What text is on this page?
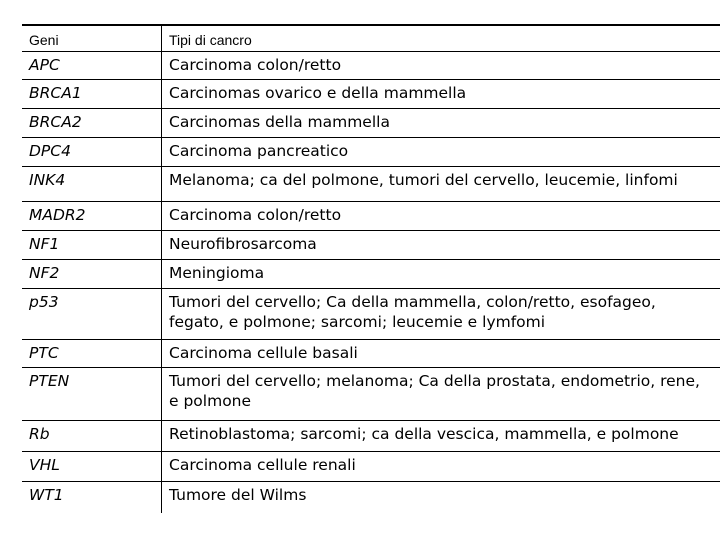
Geni	Tipi di cancro
APC	Carcinoma colon/retto
BRCA1	Carcinomas ovarico e della mammella
BRCA2	Carcinomas della mammella
DPC4	Carcinoma pancreatico
INK4	Melanoma; ca del polmone, tumori del cervello, leucemie, linfomi
MADR2	Carcinoma colon/retto
NF1	Neurofibrosarcoma
NF2	Meningioma
p53	Tumori del cervello; Ca della mammella, colon/retto, esofageo, fegato, e polmone; sarcomi; leucemie e lymfomi
PTC	Carcinoma cellule basali
PTEN	Tumori del cervello; melanoma; Ca della prostata, endometrio, rene, e polmone
Rb	Retinoblastoma; sarcomi; ca della vescica, mammella, e polmone
VHL	Carcinoma cellule renali
WT1	Tumore del Wilms
